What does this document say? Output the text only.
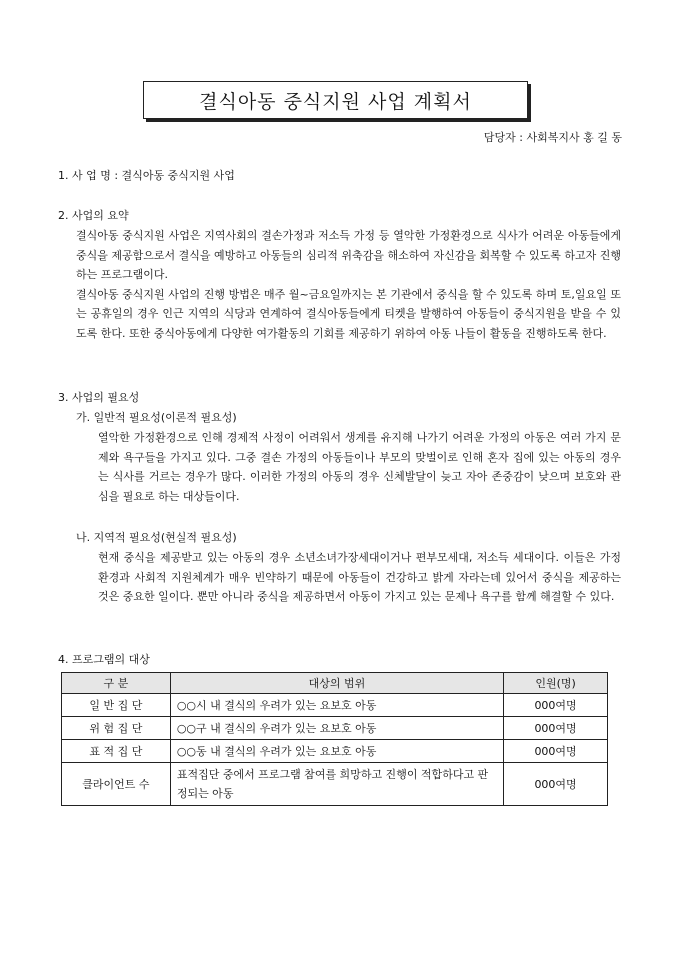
결식아동 중식지원 사업 계획서
담당자 : 사회복지사 홍 길 동
1. 사 업 명 : 결식아동 중식지원 사업
2. 사업의 요약

결식아동 중식지원 사업은 지역사회의 결손가정과 저소득 가정 등 열악한 가정환경으로 식사가 어려운 아동들에게 중식을 제공함으로서 결식을 예방하고 아동들의 심리적 위축감을 해소하여 자신감을 회복할 수 있도록 하고자 진행하는 프로그램이다.

결식아동 중식지원 사업의 진행 방법은 매주 월~금요일까지는 본 기관에서 중식을 할 수 있도록 하며 토,일요일 또는 공휴일의 경우 인근 지역의 식당과 연계하여 결식아동들에게 티켓을 발행하여 아동들이 중식지원을 받을 수 있도록 한다. 또한 중식아동에게 다양한 여가활동의 기회를 제공하기 위하여 아동 나들이 활동을 진행하도록 한다.

3. 사업의 필요성
가. 일반적 필요성(이론적 필요성)
열악한 가정환경으로 인해 경제적 사정이 어려워서 생계를 유지해 나가기 어려운 가정의 아동은 여러 가지 문제와 욕구들을 가지고 있다. 그중 결손 가정의 아동들이나 부모의 맞벌이로 인해 혼자 집에 있는 아동의 경우는 식사를 거르는 경우가 많다. 이러한 가정의 아동의 경우 신체발달이 늦고 자아 존중감이 낮으며 보호와 관심을 필요로 하는 대상들이다.
나. 지역적 필요성(현실적 필요성)
현재 중식을 제공받고 있는 아동의 경우 소년소녀가장세대이거나 편부모세대, 저소득 세대이다. 이들은 가정환경과 사회적 지원체계가 매우 빈약하기 때문에 아동들이 건강하고 밝게 자라는데 있어서 중식을 제공하는 것은 중요한 일이다. 뿐만 아니라 중식을 제공하면서 아동이 가지고 있는 문제나 욕구를 함께 해결할 수 있다.
4. 프로그램의 대상
구 분	대상의 범위	인원(명)
일 반 집 단	○○시 내 결식의 우려가 있는 요보호 아동	000여명
위 험 집 단	○○구 내 결식의 우려가 있는 요보호 아동	000여명
표 적 집 단	○○동 내 결식의 우려가 있는 요보호 아동	000여명
클라이언트 수	표적집단 중에서 프로그램 참여를 희망하고 진행이 적합하다고 판정되는 아동	000여명
